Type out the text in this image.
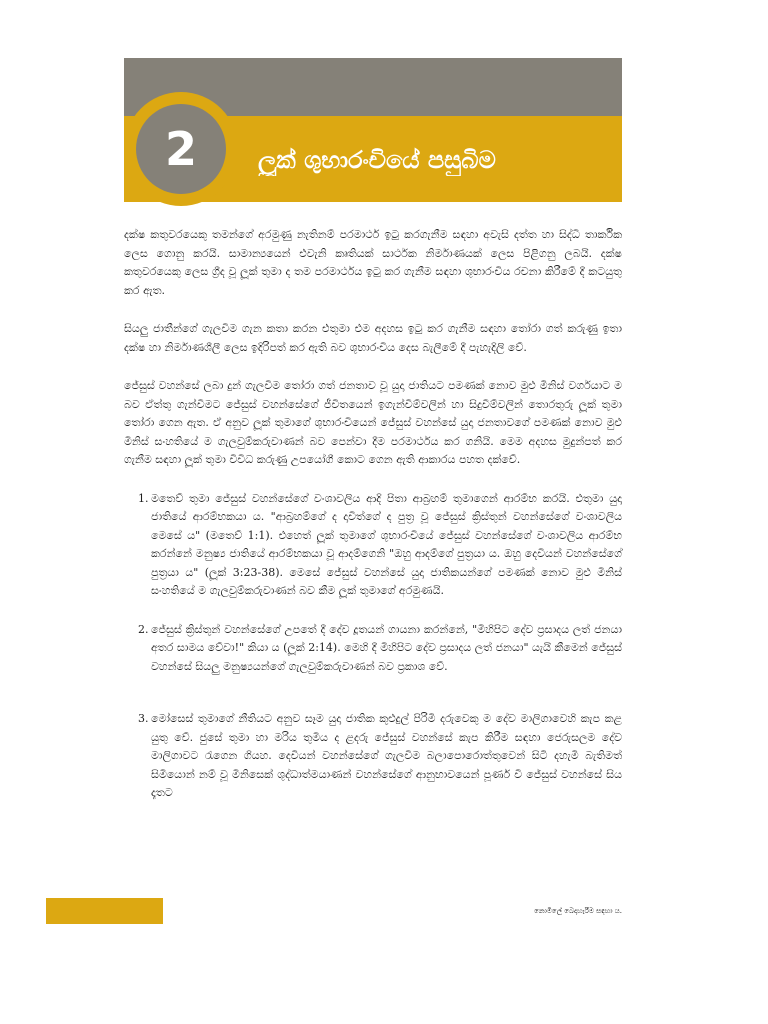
2	ලූක් ශුභාරංචියේ පසුබිම

දක්ෂ කතුවරයෙකු තමන්ගේ අරමුණු නැතිනම් පරමාර්ථ ඉටු කරගැනීම සඳහා අවැසි දත්ත හා සිද්ධි තාර්කික ලෙස ගොනු කරයි. සාමාන්‍යයෙන් එවැනි කෘතියක් සාර්ථක නිර්මාණයක් ලෙස පිළිගනු ලබයි. දක්ෂ කතුවරයෙකු ලෙස ග්‍රීද වූ ලූක් තුමා ද තම පරමාර්ථය ඉටු කර ගැනීම සඳහා ශුභාරංචිය රචනා කිරීමේ දී කටයුතු කර ඇත.

සියලු ජාතීන්ගේ ගැලවීම ගැන කතා කරන එතුමා එම අදහස ඉටු කර ගැනීම සඳහා තෝරා ගත් කරුණු ඉතා දක්ෂ හා නිර්මාණශීලී ලෙස ඉදිරිපත් කර ඇති බව ශුභාරංචිය දෙස බැලීමේ දී පැහැදිලි වේ.

ජේසුස් වහන්සේ ලබා දුන් ගැලවීම තෝරා ගත් ජනතාව වූ යුදා ජාතියට පමණක් නොව මුළු මිනිස් වර්ගයාට ම බව ඒත්තු ගැන්වීමට ජේසුස් වහන්සේගේ ජීවිතයෙන් ඉගැන්වීම්වලින් හා සිදුවීම්වලින් තොරතුරු ලූක් තුමා තෝරා ගෙන ඇත. ඒ අනුව ලූක් තුමාගේ ශුභාරංචියෙන් ජේසුස් වහන්සේ යුදා ජනතාවගේ පමණක් නොව මුළු මිනිස් සංහතියේ ම ගැලවුම්කරුවාණන් බව පෙන්වා දීම පරමාර්ථය කර ගනියි. මෙම අදහස මුදුන්පත් කර ගැනීම සඳහා ලූක් තුමා විවිධ කරුණු උපයෝගී කොට ගෙන ඇති ආකාරය පහත දක්වේ.

1. මතෙව් තුමා ජේසුස් වහන්සේගේ වංශාවලිය ආදි පිතා ආබ්‍රහම් තුමාගෙන් ආරම්භ කරයි. එතුමා යුදා ජාතියේ ආරම්භකයා ය. "ආබ්‍රහම්ගේ ද දාවිත්ගේ ද පුත්‍ර වූ ජේසුස් ක්‍රිස්තුන් වහන්සේගේ වංශාවලිය මෙසේ ය" (මතෙව් 1:1). එහෙත් ලූක් තුමාගේ ශුභාරංචියේ ජේසුස් වහන්සේගේ වංශාවලිය ආරම්භ කරන්නේ මනුෂ්‍ය ජාතියේ ආරම්භකයා වූ ආදම්ගෙනි "ඔහු ආදම්ගේ පුත්‍රයා ය. ඔහු දෙවියන් වහන්සේගේ පුත්‍රයා ය" (ලූක් 3:23-38). මෙසේ ජේසුස් වහන්සේ යුදා ජාතිකයන්ගේ පමණක් නොව මුළු මිනිස් සංහතියේ ම ගැලවුම්කරුවාණන් බව කීම ලූක් තුමාගේ අරමුණයි.
2. ජේසුස් ක්‍රිස්තුන් වහන්සේගේ උපතේ දී දේව දූතයන් ගායනා කරන්නේ, "මිහිපිට දේව ප්‍රසාදය ලත් ජනයා අතර සාමය වේවා!" කියා ය (ලූක් 2:14). මෙහි දී මිහිපිට දේව ප්‍රසාදය ලත් ජනයා" යැයි කීමෙන් ජේසුස් වහන්සේ සියලු මනුෂ්‍යයන්ගේ ගැලවුම්කරුවාණන් බව ප්‍රකාශ වේ.
3. මෝසෙස් තුමාගේ නීතියට අනුව සෑම යුදා ජාතික කුළුදුල් පිරිමි දරුවෙකු ම දේව මාලිගාවෙහි කැප කළ යුතු වේ. ජුසේ තුමා හා මරිය තුමිය ද ළදරු ජේසුස් වහන්සේ කැප කිරීම සඳහා ජෙරුසලම දේව මාලිගාවට රැගෙන ගියහ. දෙවියන් වහන්සේගේ ගැලවීම බලාපොරොත්තුවෙන් සිටි දහැමි බැතිමත් සිමියොන් නම් වූ මිනිසෙක් ශුද්ධාත්මයාණන් වහන්සේගේ ආනුභාවයෙන් පූර්ණ වී ජේසුස් වහන්සේ සිය දෑතට
නොමිලේ බෙදාහැරීම සඳහා ය.
